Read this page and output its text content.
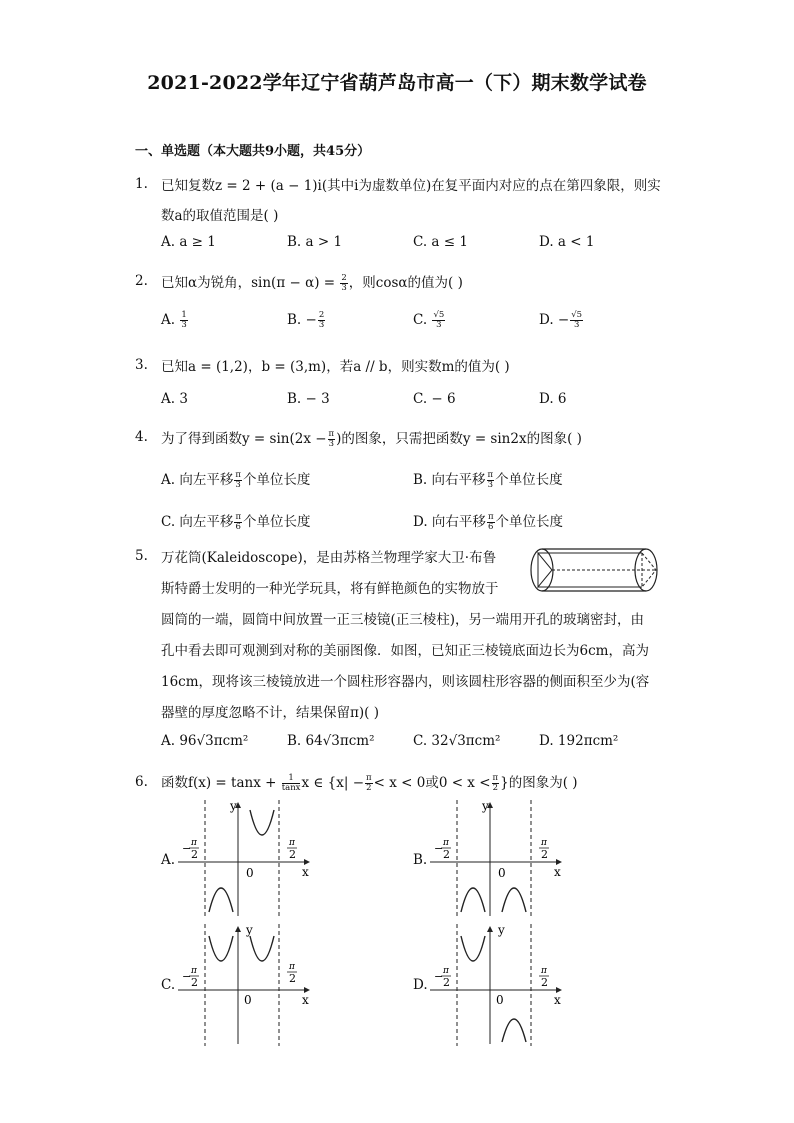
2021-2022学年辽宁省葫芦岛市高一（下）期末数学试卷
一、单选题（本大题共9小题，共45分）
1. 已知复数z = 2 + (a − 1)i(其中i为虚数单位)在复平面内对应的点在第四象限，则实
数a的取值范围是( )
A. a ≥ 1	B. a > 1	C. a ≤ 1	D. a < 1
2. 已知α为锐角，$\sin(\pi - \alpha) = \frac{2}{3}$ ，则cosα的值为( )
A. $\frac{1}{3}$	B. − $\frac{2}{3}$	C. $\frac{√5}{3}$	D. − $\frac{√5}{3}$
3. 已知a = (1,2)，b = (3,m)，若a // b，则实数m的值为( )
A. 3	B. − 3	C. − 6	D. 6
4. 为了得到函数$y = \sin(2x - \frac{\pi}{3}$ )的图象，只需把函数y = sin2x的图象( )
A. 向左平移 $\frac{\pi}{3}$ 个单位长度	B. 向右平移 $\frac{\pi}{3}$ 个单位长度
C. 向左平移 $\frac{\pi}{6}$ 个单位长度	D. 向右平移 $\frac{\pi}{6}$ 个单位长度
5. 万花筒(Kaleidoscope)，是由苏格兰物理学家大卫·布鲁
斯特爵士发明的一种光学玩具，将有鲜艳颜色的实物放于
圆筒的一端，圆筒中间放置一正三棱镜(正三棱柱)，另一端用开孔的玻璃密封，由
孔中看去即可观测到对称的美丽图像．如图，已知正三棱镜底面边长为6cm，高为
16cm，现将该三棱镜放进一个圆柱形容器内，则该圆柱形容器的侧面积至少为(容
器壁的厚度忽略不计，结果保留π)( )
A. 96√3πcm²	B. 64√3πcm²	C. 32√3πcm²	D. 192πcm²
6. 函数$f(x) = \tan x + \frac{1}{\tan x}$ x ∈ {$x| - \frac{\pi}{2} < x < 0$或$0 < x < \frac{\pi}{2}$ }的图象为( )
A.	B.
C.	D.
y
x
0
− π
2
π
2
y
x
0
− π
2
π
2
y
x
0
− π
2
π
2
y
x
0
− π
2
π
2
